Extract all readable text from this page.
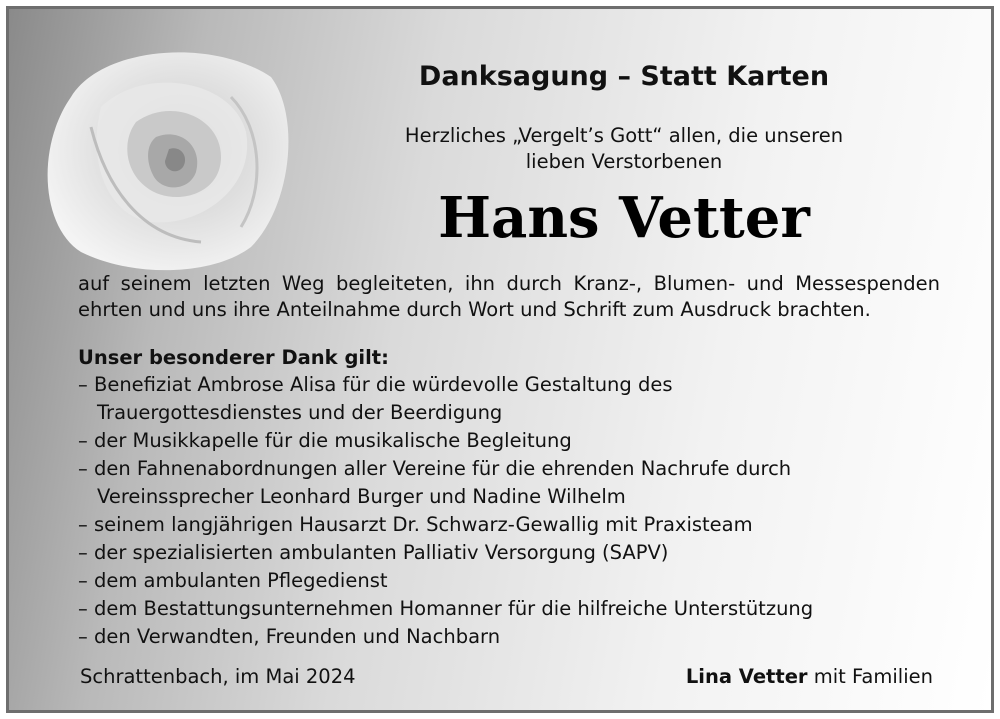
Danksagung – Statt Karten
Herzliches „Vergelt’s Gott“ allen, die unseren
lieben Verstorbenen
Hans Vetter
auf seinem letzten Weg begleiteten, ihn durch Kranz-, Blumen- und Messespenden
ehrten und uns ihre Anteilnahme durch Wort und Schrift zum Ausdruck brachten.
Unser besonderer Dank gilt:
– Benefiziat Ambrose Alisa für die würdevolle Gestaltung des
Trauergottesdienstes und der Beerdigung
– der Musikkapelle für die musikalische Begleitung
– den Fahnenabordnungen aller Vereine für die ehrenden Nachrufe durch
Vereinssprecher Leonhard Burger und Nadine Wilhelm
– seinem langjährigen Hausarzt Dr. Schwarz-Gewallig mit Praxisteam
– der spezialisierten ambulanten Palliativ Versorgung (SAPV)
– dem ambulanten Pflegedienst
– dem Bestattungsunternehmen Homanner für die hilfreiche Unterstützung
– den Verwandten, Freunden und Nachbarn
Schrattenbach, im Mai 2024	Lina Vetter mit Familien
